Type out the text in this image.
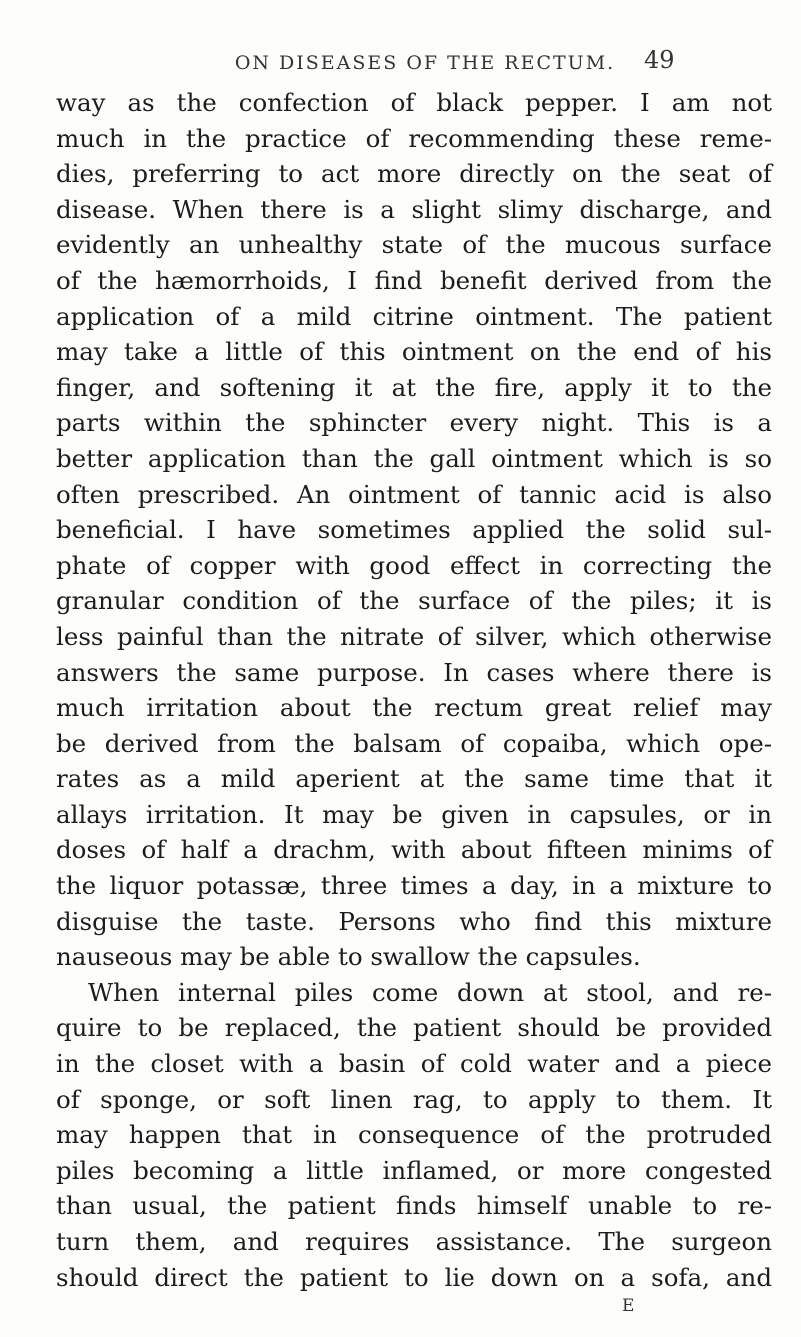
ON DISEASES OF THE RECTUM.	49
way as the confection of black pepper. I am not
much in the practice of recommending these reme-
dies, preferring to act more directly on the seat of
disease. When there is a slight slimy discharge, and
evidently an unhealthy state of the mucous surface
of the hæmorrhoids, I find benefit derived from the
application of a mild citrine ointment. The patient
may take a little of this ointment on the end of his
finger, and softening it at the fire, apply it to the
parts within the sphincter every night. This is a
better application than the gall ointment which is so
often prescribed. An ointment of tannic acid is also
beneficial. I have sometimes applied the solid sul-
phate of copper with good effect in correcting the
granular condition of the surface of the piles; it is
less painful than the nitrate of silver, which otherwise
answers the same purpose. In cases where there is
much irritation about the rectum great relief may
be derived from the balsam of copaiba, which ope-
rates as a mild aperient at the same time that it
allays irritation. It may be given in capsules, or in
doses of half a drachm, with about fifteen minims of
the liquor potassæ, three times a day, in a mixture to
disguise the taste. Persons who find this mixture
nauseous may be able to swallow the capsules.
When internal piles come down at stool, and re-
quire to be replaced, the patient should be provided
in the closet with a basin of cold water and a piece
of sponge, or soft linen rag, to apply to them. It
may happen that in consequence of the protruded
piles becoming a little inflamed, or more congested
than usual, the patient finds himself unable to re-
turn them, and requires assistance. The surgeon
should direct the patient to lie down on a sofa, and
E
